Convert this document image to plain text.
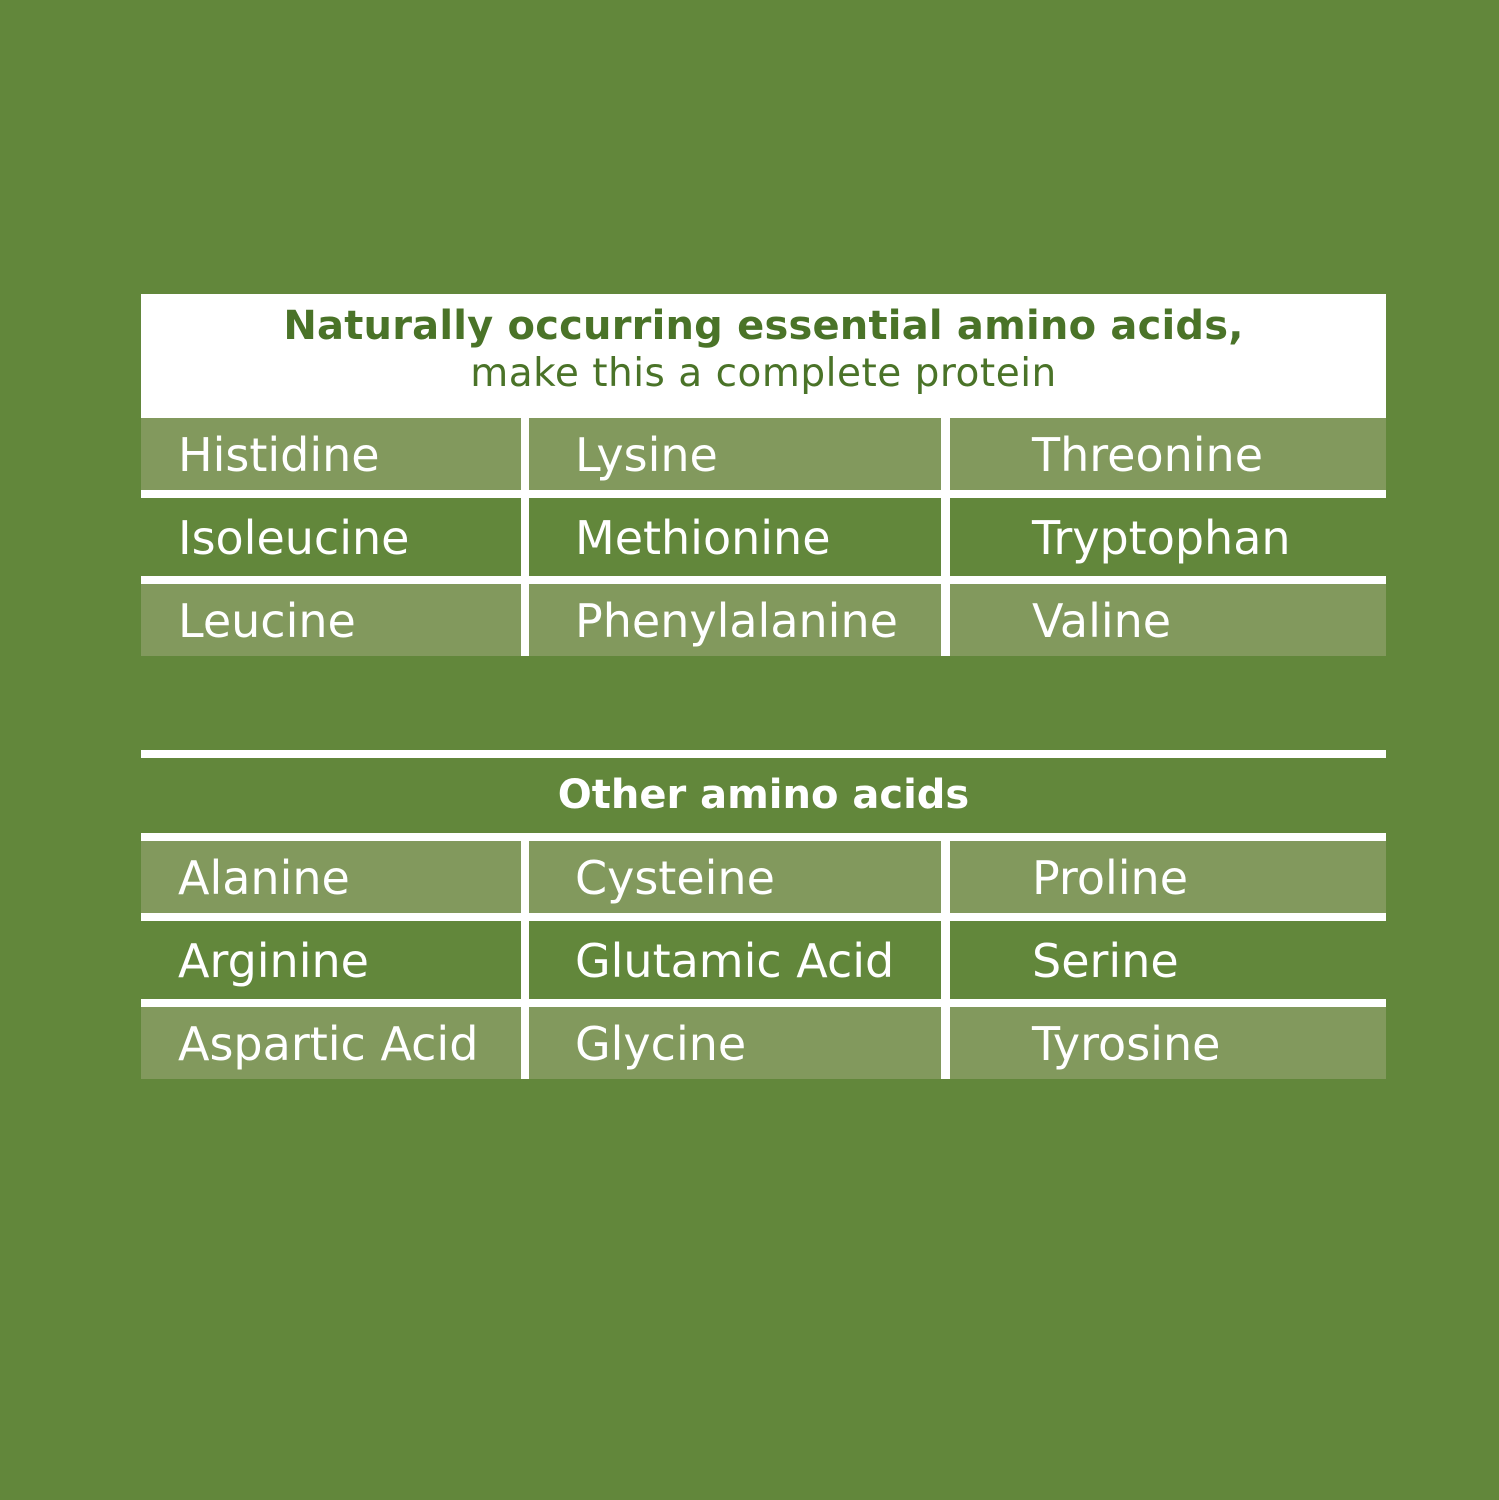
Naturally occurring essential amino acids,
make this a complete protein
Histidine	Lysine	Threonine
Isoleucine	Methionine	Tryptophan
Leucine	Phenylalanine	Valine
Other amino acids
Alanine	Cysteine	Proline
Arginine	Glutamic Acid	Serine
Aspartic Acid	Glycine	Tyrosine
